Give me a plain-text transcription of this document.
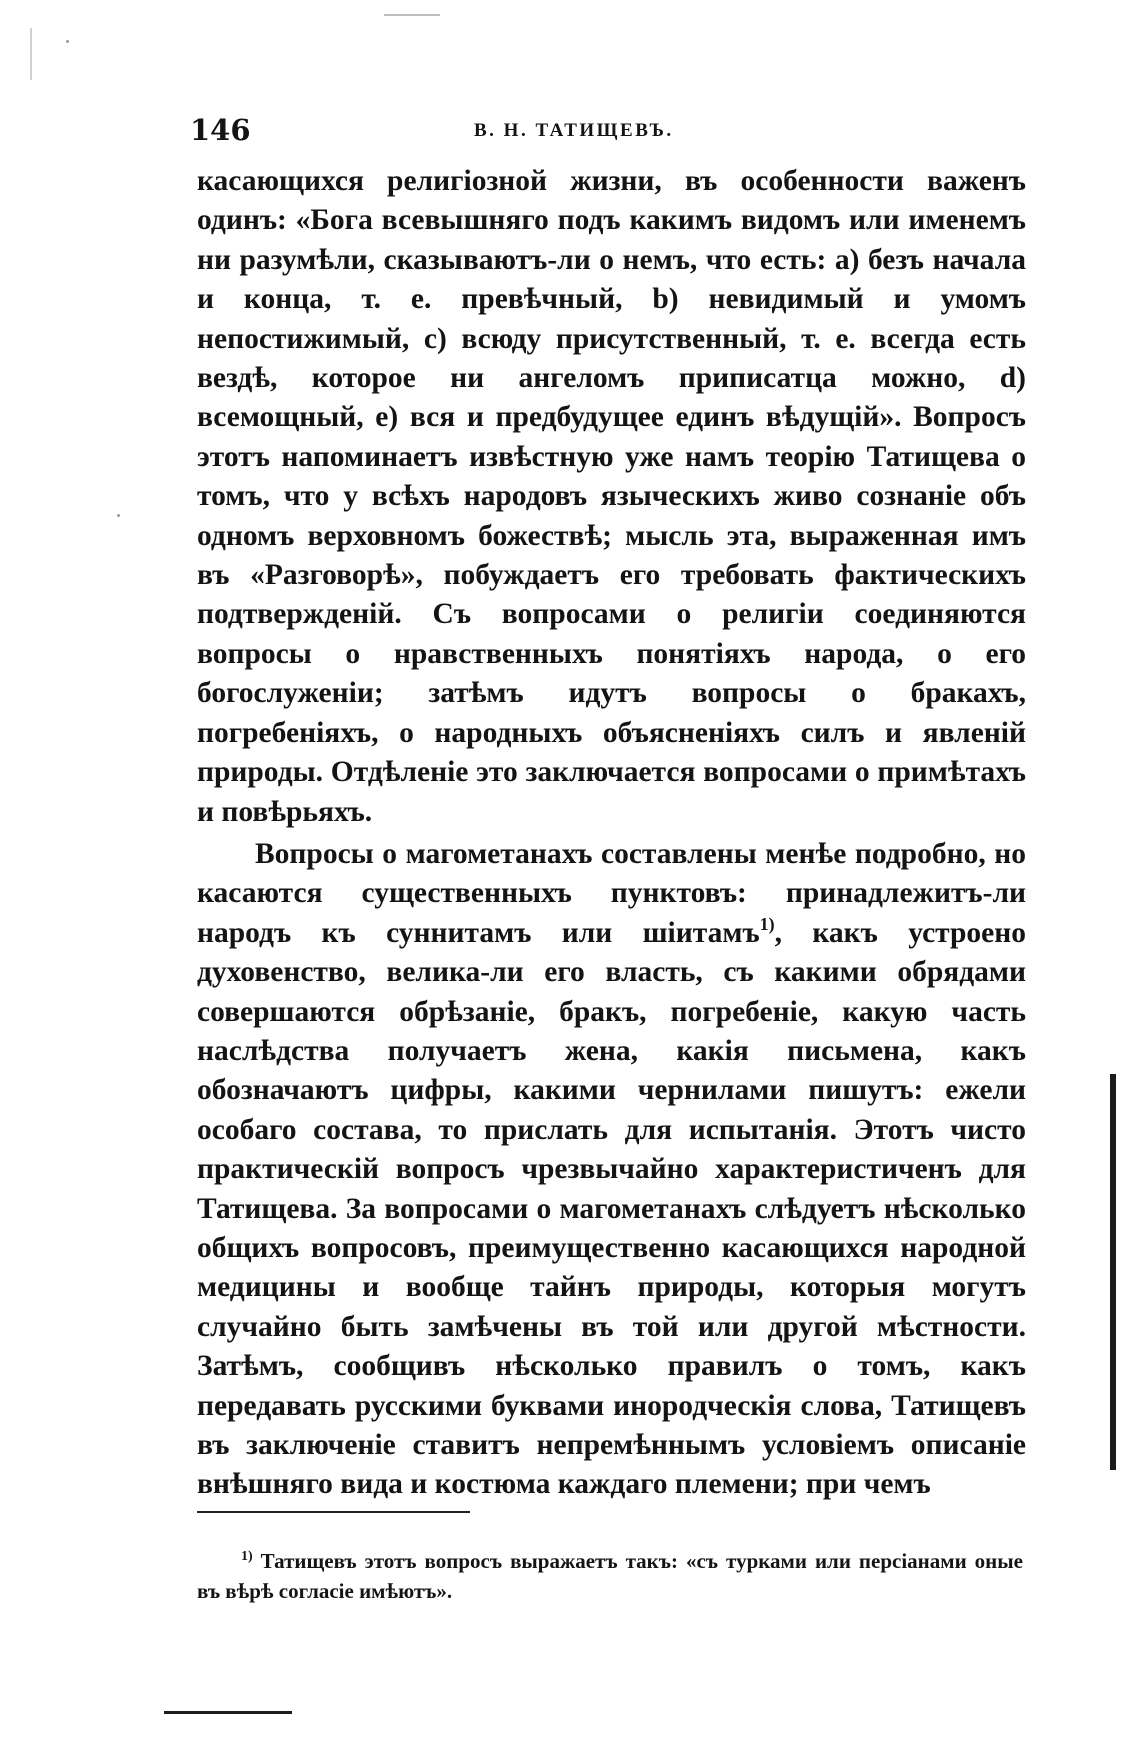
146	В. Н. ТАТИЩЕВЪ.

касающихся религіозной жизни, въ особенности важенъ одинъ: «Бога всевышняго подъ какимъ видомъ или именемъ ни разумѣли, сказываютъ-ли о немъ, что есть: a) безъ начала и конца, т. е. превѣчный, b) невидимый и умомъ непостижимый, c) всюду присутственный, т. е. всегда есть вездѣ, которое ни ангеломъ приписатца можно, d) всемощный, e) вся и предбудущее единъ вѣдущій». Вопросъ этотъ напоминаетъ извѣстную уже намъ теорію Татищева о томъ, что у всѣхъ народовъ языческихъ живо сознаніе объ одномъ верховномъ божествѣ; мысль эта, выраженная имъ въ «Разговорѣ», побуждаетъ его требовать фактическихъ подтвержденій. Съ вопросами о религіи соединяются вопросы о нравственныхъ понятіяхъ народа, о его богослуженіи; затѣмъ идутъ вопросы о бракахъ, погребеніяхъ, о народныхъ объясненіяхъ силъ и явленій природы. Отдѣленіе это заключается вопросами о примѣтахъ и повѣрьяхъ.

Вопросы о магометанахъ составлены менѣе подробно, но касаются существенныхъ пунктовъ: принадлежитъ-ли народъ къ суннитамъ или шіитамъ$^{1)}$, какъ устроено духовенство, велика-ли его власть, съ какими обрядами совершаются обрѣзаніе, бракъ, погребеніе, какую часть наслѣдства получаетъ жена, какія письмена, какъ обозначаютъ цифры, какими чернилами пишутъ: ежели особаго состава, то прислать для испытанія. Этотъ чисто практическій вопросъ чрезвычайно характеристиченъ для Татищева. За вопросами о магометанахъ слѣдуетъ нѣсколько общихъ вопросовъ, преимущественно касающихся народной медицины и вообще тайнъ природы, которыя могутъ случайно быть замѣчены въ той или другой мѣстности. Затѣмъ, сообщивъ нѣсколько правилъ о томъ, какъ передавать русскими буквами инородческія слова, Татищевъ въ заключеніе ставитъ непремѣннымъ условіемъ описаніе внѣшняго вида и костюма каждаго племени; при чемъ

$^{1)}$ Татищевъ этотъ вопросъ выражаетъ такъ: «съ турками или персіанами оные въ вѣрѣ согласіе имѣютъ».
